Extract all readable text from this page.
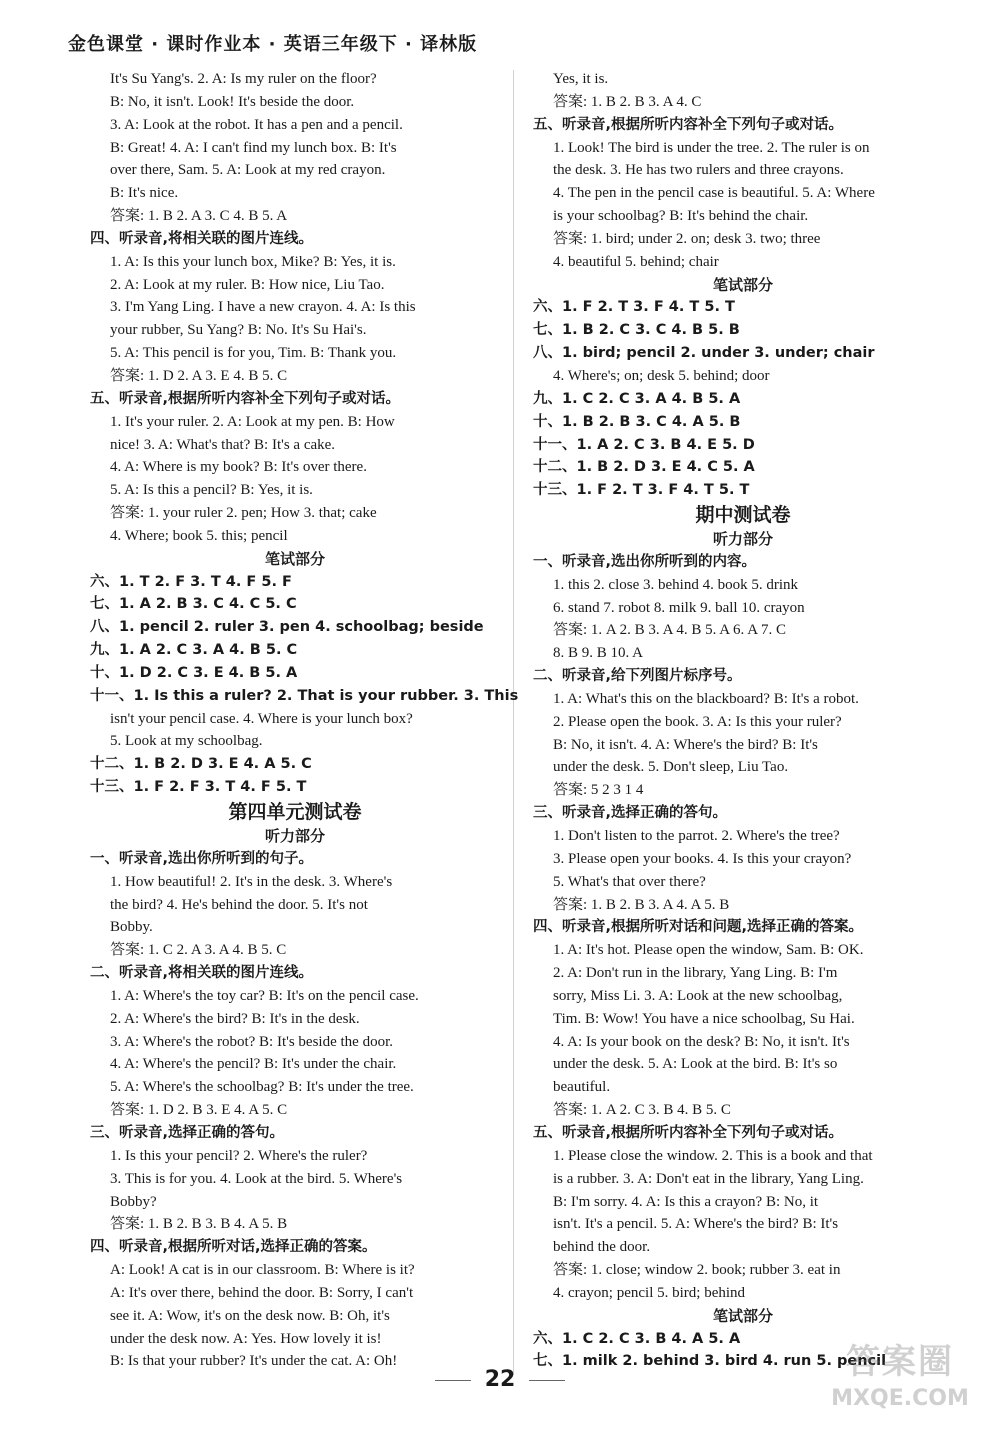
金色课堂 · 课时作业本 · 英语三年级下 · 译林版
It's Su Yang's. 2. A: Is my ruler on the floor?
B: No, it isn't. Look! It's beside the door.
3. A: Look at the robot. It has a pen and a pencil.
B: Great! 4. A: I can't find my lunch box. B: It's
over there, Sam. 5. A: Look at my red crayon.
B: It's nice.
答案: 1. B 2. A 3. C 4. B 5. A
四、听录音,将相关联的图片连线。
1. A: Is this your lunch box, Mike? B: Yes, it is.
2. A: Look at my ruler. B: How nice, Liu Tao.
3. I'm Yang Ling. I have a new crayon. 4. A: Is this
your rubber, Su Yang? B: No. It's Su Hai's.
5. A: This pencil is for you, Tim. B: Thank you.
答案: 1. D 2. A 3. E 4. B 5. C
五、听录音,根据所听内容补全下列句子或对话。
1. It's your ruler. 2. A: Look at my pen. B: How
nice! 3. A: What's that? B: It's a cake.
4. A: Where is my book? B: It's over there.
5. A: Is this a pencil? B: Yes, it is.
答案: 1. your ruler 2. pen; How 3. that; cake
4. Where; book 5. this; pencil
笔试部分
六、1. T 2. F 3. T 4. F 5. F
七、1. A 2. B 3. C 4. C 5. C
八、1. pencil 2. ruler 3. pen 4. schoolbag; beside
九、1. A 2. C 3. A 4. B 5. C
十、1. D 2. C 3. E 4. B 5. A
十一、1. Is this a ruler? 2. That is your rubber. 3. This
isn't your pencil case. 4. Where is your lunch box?
5. Look at my schoolbag.
十二、1. B 2. D 3. E 4. A 5. C
十三、1. F 2. F 3. T 4. F 5. T
第四单元测试卷
听力部分
一、听录音,选出你所听到的句子。
1. How beautiful! 2. It's in the desk. 3. Where's
the bird? 4. He's behind the door. 5. It's not
Bobby.
答案: 1. C 2. A 3. A 4. B 5. C
二、听录音,将相关联的图片连线。
1. A: Where's the toy car? B: It's on the pencil case.
2. A: Where's the bird? B: It's in the desk.
3. A: Where's the robot? B: It's beside the door.
4. A: Where's the pencil? B: It's under the chair.
5. A: Where's the schoolbag? B: It's under the tree.
答案: 1. D 2. B 3. E 4. A 5. C
三、听录音,选择正确的答句。
1. Is this your pencil? 2. Where's the ruler?
3. This is for you. 4. Look at the bird. 5. Where's
Bobby?
答案: 1. B 2. B 3. B 4. A 5. B
四、听录音,根据所听对话,选择正确的答案。
A: Look! A cat is in our classroom. B: Where is it?
A: It's over there, behind the door. B: Sorry, I can't
see it. A: Wow, it's on the desk now. B: Oh, it's
under the desk now. A: Yes. How lovely it is!
B: Is that your rubber? It's under the cat. A: Oh!
Yes, it is.
答案: 1. B 2. B 3. A 4. C
五、听录音,根据所听内容补全下列句子或对话。
1. Look! The bird is under the tree. 2. The ruler is on
the desk. 3. He has two rulers and three crayons.
4. The pen in the pencil case is beautiful. 5. A: Where
is your schoolbag? B: It's behind the chair.
答案: 1. bird; under 2. on; desk 3. two; three
4. beautiful 5. behind; chair
笔试部分
六、1. F 2. T 3. F 4. T 5. T
七、1. B 2. C 3. C 4. B 5. B
八、1. bird; pencil 2. under 3. under; chair
4. Where's; on; desk 5. behind; door
九、1. C 2. C 3. A 4. B 5. A
十、1. B 2. B 3. C 4. A 5. B
十一、1. A 2. C 3. B 4. E 5. D
十二、1. B 2. D 3. E 4. C 5. A
十三、1. F 2. T 3. F 4. T 5. T
期中测试卷
听力部分
一、听录音,选出你所听到的内容。
1. this 2. close 3. behind 4. book 5. drink
6. stand 7. robot 8. milk 9. ball 10. crayon
答案: 1. A 2. B 3. A 4. B 5. A 6. A 7. C
8. B 9. B 10. A
二、听录音,给下列图片标序号。
1. A: What's this on the blackboard? B: It's a robot.
2. Please open the book. 3. A: Is this your ruler?
B: No, it isn't. 4. A: Where's the bird? B: It's
under the desk. 5. Don't sleep, Liu Tao.
答案: 5 2 3 1 4
三、听录音,选择正确的答句。
1. Don't listen to the parrot. 2. Where's the tree?
3. Please open your books. 4. Is this your crayon?
5. What's that over there?
答案: 1. B 2. B 3. A 4. A 5. B
四、听录音,根据所听对话和问题,选择正确的答案。
1. A: It's hot. Please open the window, Sam. B: OK.
2. A: Don't run in the library, Yang Ling. B: I'm
sorry, Miss Li. 3. A: Look at the new schoolbag,
Tim. B: Wow! You have a nice schoolbag, Su Hai.
4. A: Is your book on the desk? B: No, it isn't. It's
under the desk. 5. A: Look at the bird. B: It's so
beautiful.
答案: 1. A 2. C 3. B 4. B 5. C
五、听录音,根据所听内容补全下列句子或对话。
1. Please close the window. 2. This is a book and that
is a rubber. 3. A: Don't eat in the library, Yang Ling.
B: I'm sorry. 4. A: Is this a crayon? B: No, it
isn't. It's a pencil. 5. A: Where's the bird? B: It's
behind the door.
答案: 1. close; window 2. book; rubber 3. eat in
4. crayon; pencil 5. bird; behind
笔试部分
六、1. C 2. C 3. B 4. A 5. A
七、1. milk 2. behind 3. bird 4. run 5. pencil
22	答案圈
MXQE.COM
